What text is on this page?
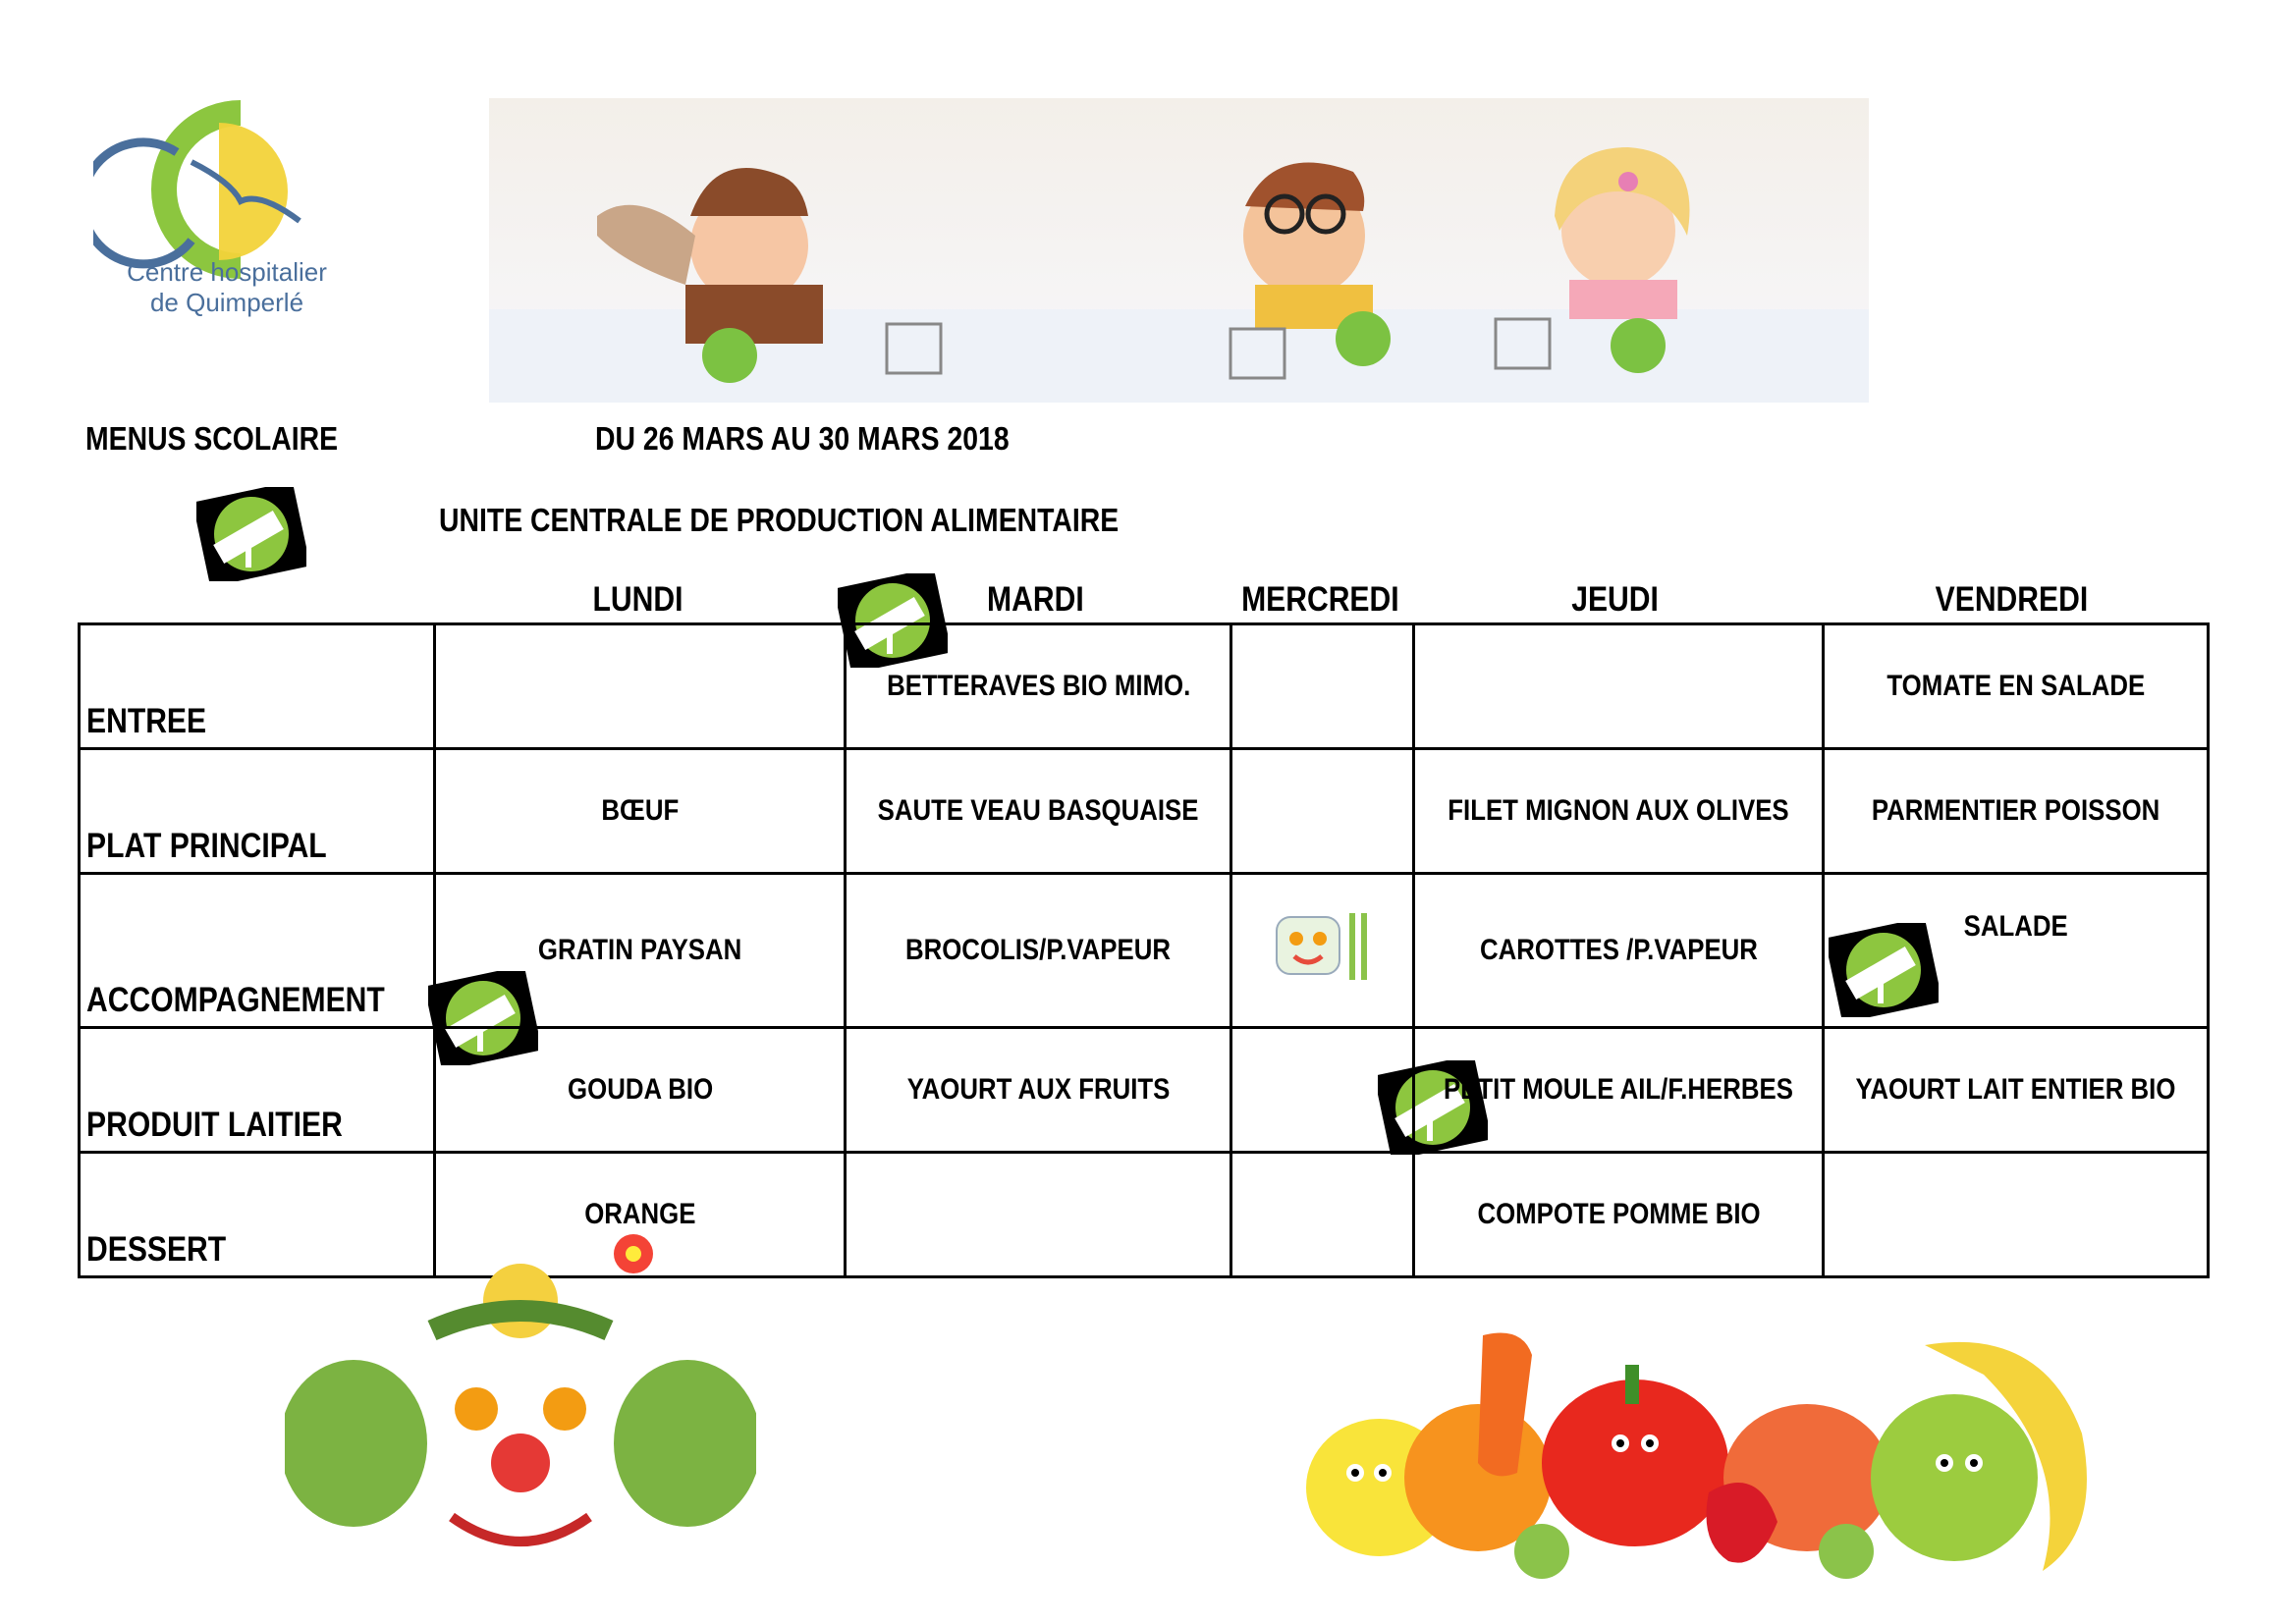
Centre hospitalier
de Quimperlé
MENUS SCOLAIRE	DU 26 MARS AU 30 MARS 2018
UNITE CENTRALE DE PRODUCTION ALIMENTAIRE
LUNDI	MARDI	MERCREDI	JEUDI	VENDREDI
ENTREE		BETTERAVES BIO MIMO.			TOMATE EN SALADE
PLAT PRINCIPAL	BŒUF	SAUTE VEAU BASQUAISE		FILET MIGNON AUX OLIVES	PARMENTIER POISSON
ACCOMPAGNEMENT	GRATIN PAYSAN	BROCOLIS/P.VAPEUR		CAROTTES /P.VAPEUR	SALADE
PRODUIT LAITIER	GOUDA BIO	YAOURT AUX FRUITS		PETIT MOULE AIL/F.HERBES	YAOURT LAIT ENTIER BIO
DESSERT	ORANGE			COMPOTE POMME BIO	
